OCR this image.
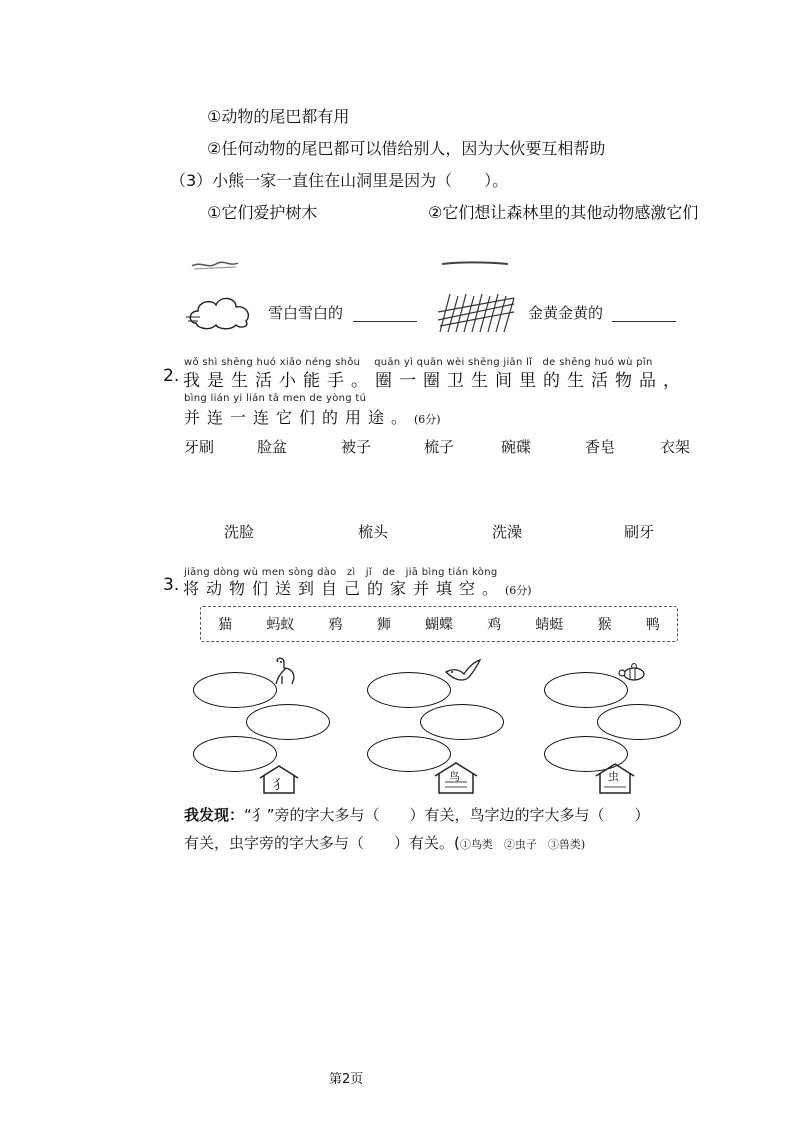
①动物的尾巴都有用
②任何动物的尾巴都可以借给别人，因为大伙要互相帮助
（3）小熊一家一直住在山洞里是因为（　　）。
①它们爱护树木	②它们想让森林里的其他动物感激它们
雪白雪白的	金黄金黄的
wǒ shì shēng huó xiǎo néng shǒu　 quān yì quān wèi shēng jiān lǐ　de shēng huó wù pǐn
2. 我是生活小能手。圈一圈卫生间里的生活物品，
bìng lián yi lián tā men de yòng tú
并连一连它们的用途。(6分)
牙刷	脸盆	被子	梳子	碗碟	香皂	衣架
洗脸	梳头	洗澡	刷牙
jiāng dòng wù men sòng dào　zì　jǐ　de　jiā bìng tián kòng
3. 将动物们送到自己的家并填空。(6分)
猫 蚂蚁 鸦 狮 蝴蝶 鸡 蜻蜓 猴 鸭
犭
鸟	虫
我发现：“犭”旁的字大多与（　　）有关，鸟字边的字大多与（　　）
有关，虫字旁的字大多与（　　）有关。(①鸟类　②虫子　③兽类)
第2页
